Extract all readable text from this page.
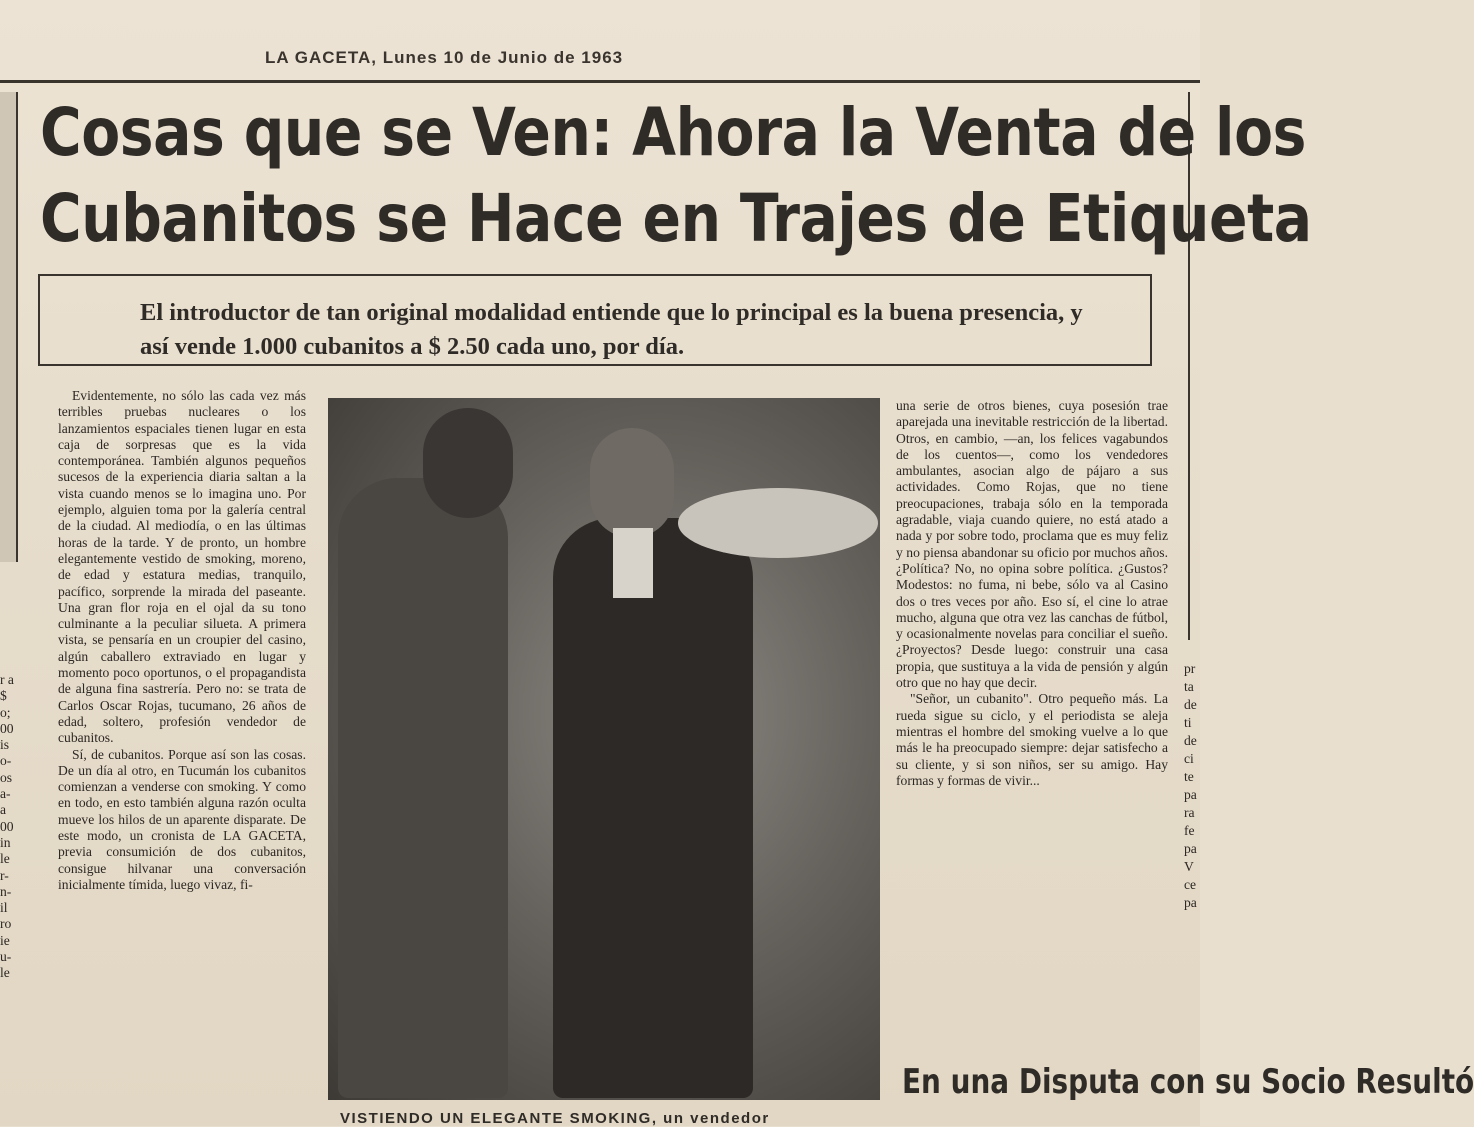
LA GACETA, Lunes 10 de Junio de 1963
Cosas que se Ven: Ahora la Venta de los
Cubanitos se Hace en Trajes de Etiqueta

El introductor de tan original modalidad entiende que lo principal es la buena presencia, y así vende 1.000 cubanitos a $ 2.50 cada uno, por día.

Evidentemente, no sólo las cada vez más terribles pruebas nucleares o los lanzamientos espaciales tienen lugar en esta caja de sorpresas que es la vida contemporánea. También algunos pequeños sucesos de la experiencia diaria saltan a la vista cuando menos se lo imagina uno. Por ejemplo, alguien toma por la galería central de la ciudad. Al mediodía, o en las últimas horas de la tarde. Y de pronto, un hombre elegantemente vestido de smoking, moreno, de edad y estatura medias, tranquilo, pacífico, sorprende la mirada del paseante. Una gran flor roja en el ojal da su tono culminante a la peculiar silueta. A primera vista, se pensaría en un croupier del casino, algún caballero extraviado en lugar y momento poco oportunos, o el propagandista de alguna fina sastrería. Pero no: se trata de Carlos Oscar Rojas, tucumano, 26 años de edad, soltero, profesión vendedor de cubanitos.

Sí, de cubanitos. Porque así son las cosas. De un día al otro, en Tucumán los cubanitos comienzan a venderse con smoking. Y como en todo, en esto también alguna razón oculta mueve los hilos de un aparente disparate. De este modo, un cronista de LA GACETA, previa consumición de dos cubanitos, consigue hilvanar una conversación inicialmente tímida, luego vivaz, fi-

una serie de otros bienes, cuya posesión trae aparejada una inevitable restricción de la libertad. Otros, en cambio, —an, los felices vagabundos de los cuentos—, como los vendedores ambulantes, asocian algo de pájaro a sus actividades. Como Rojas, que no tiene preocupaciones, trabaja sólo en la temporada agradable, viaja cuando quiere, no está atado a nada y por sobre todo, proclama que es muy feliz y no piensa abandonar su oficio por muchos años. ¿Política? No, no opina sobre política. ¿Gustos? Modestos: no fuma, ni bebe, sólo va al Casino dos o tres veces por año. Eso sí, el cine lo atrae mucho, alguna que otra vez las canchas de fútbol, y ocasionalmente novelas para conciliar el sueño. ¿Proyectos? Desde luego: construir una casa propia, que sustituya a la vida de pensión y algún otro que no hay que decir.

"Señor, un cubanito". Otro pequeño más. La rueda sigue su ciclo, y el periodista se aleja mientras el hombre del smoking vuelve a lo que más le ha preocupado siempre: dejar satisfecho a su cliente, y si son niños, ser su amigo. Hay formas y formas de vivir...

VISTIENDO UN ELEGANTE SMOKING, un vendedor

En una Disputa con su Socio Resultó

r a $ o; 00 is o- os a- a 00 in le r- n- il ro ie u- le

pr ta de ti de ci te pa ra fe pa V ce pa
